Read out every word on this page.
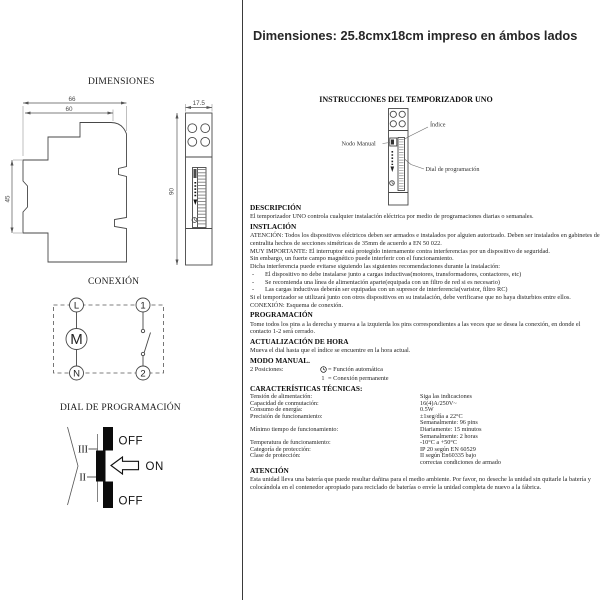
DIMENSIONES
66
60
45
17.5
90
CONEXIÓN
L	1
M
N	2
DIAL DE PROGRAMACIÓN
III
II
OFF
ON
OFF
Dimensiones: 25.8cmx18cm impreso en ámbos lados
INSTRUCCIONES DEL TEMPORIZADOR UNO
Índice
Nodo Manual
Dial de programación
DESCRIPCIÓN

El temporizador UNO controla cualquier instalación eléctrica por medio de programaciones diarias o semanales.

INSTLACIÓN

ATENCIÓN: Todos los dispositivos eléctricos deben ser armados e instalados por alguien autorizado. Deben ser instalados en gabinetes de centralita hechos de secciones simétricas de 35mm de acuerdo a EN 50 022.

MUY IMPORTANTE: El interruptor está protegido internamente contra interferencias por un dispositivo de seguridad.

Sin embargo, un fuerte campo magnético puede interferir con el funcionamiento.

Dicha interferencia puede evitarse siguiendo las siguientes recomendaciones durante la instalación:

-	El dispositivo no debe instalarse junto a cargas inductivas(motores, transformadores, contactores, etc)
-	Se recomienda una línea de alimentación aparte(equipada con un filtro de red si es necesario)
-	Las cargas inductivas deberán ser equipadas con un supresor de interferencia(varistor, filtro RC)

Si el temporizador se utilizará junto con otros dispositivos en su instalación, debe verificarse que no haya disturbios entre ellos.

CONEXIÓN: Esquema de conexión.

PROGRAMACIÓN

Tome todos los pins a la derecha y mueva a la izquierda los pins correspondientes a las veces que se desea la conexión, en donde el contacto 1-2 será cerrado.

ACTUALIZACIÓN DE HORA

Mueva el dial hasta que el índice se encuentre en la hora actual.

MODO MANUAL.
2 Posiciones:	= Función automática
1 = Conexión permanente
CARACTERÍSTICAS TÉCNICAS:
Tensión de alimentación:	Siga las indicaciones
Capacidad de conmutación:	16(4)A/250V~
Consumo de energía:	0.5W
Precisión de funcionamiento:	±1seg/día a 22°C
Semanalmente: 96 pins
Mínimo tiempo de funcionamiento:	Diariamente: 15 minutos
Semanalmente: 2 horas
Temperatura de funcionamiento:	-10°C a +50°C
Categoría de protección:	IP 20 según EN 60529
Clase de protección:	II según En60335 bajo
correctas condiciones de armado
ATENCIÓN

Esta unidad lleva una batería que puede resultar dañina para el medio ambiente. Por favor, no deseche la unidad sin quitarle la batería y colocándola en el contenedor apropiado para reciclado de baterías o envíe la unidad completa de nuevo a la fábrica.
